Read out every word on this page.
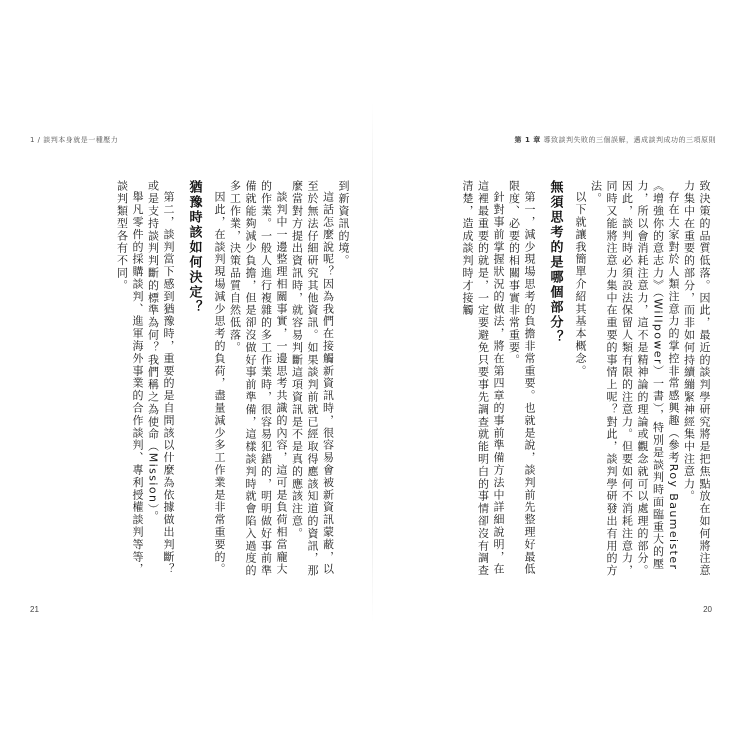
1 / 談判本身就是一種壓力

到新資訊的境。

這話怎麼說呢？因為我們在接觸新資訊時，很容易會被新資訊蒙蔽，以至於無法仔細研究其他資訊。如果談判前就已經取得應該知道的資訊，那麼當對方提出資訊時，就容易判斷這項資訊是不是真的應該注意。

談判中一邊整理相關事實，一邊思考共識的內容，這可是負荷相當龐大的作業。一般人進行複雜的多工作業時，很容易犯錯的，明明做好事前準備就能夠減少負擔，但是卻沒做好事前準備，這樣談判時就會陷入過度的多工作業，決策品質自然低落。

因此，在談判現場減少思考的負荷，盡量減少多工作業是非常重要的。

猶豫時該如何決定？

第二，談判當下感到猶豫時，重要的是自問該以什麼為依據做出判斷？或是支持談判判斷的標準為何？我們稱之為使命（Mission）。

舉凡零件的採購談判、進軍海外事業的合作談判、專利授權談判等等，談判類型各有不同。

21
第 1 章 導致談判失敗的三個誤解，邁成談判成功的三項原則

致決策的品質低落。因此，最近的談判學研究將是把焦點放在如何將注意力集中在重要的部分，而非如何持續繃緊神經集中注意力。

存在大家對於人類注意力的掌控非常感興趣（參考Roy Baumeister《增強你的意志力》（Willpower）一書），特別是談判時面臨重大的壓力，所以會消耗注意力，這不是精神論的理論或觀念就可以處理的部分。因此，談判時必須設法保留人類有限的注意力。但要如何不消耗注意力，同時又能將注意力集中在重要的事情上呢？對此，談判學研發出有用的方法。

以下就讓我簡單介紹其基本概念。

無須思考的是哪個部分？

第一，減少現場思考的負擔非常重要。也就是說，談判前先整理好最低限度、必要的相關事實非常重要。

針對事前掌握狀況的做法，將在第四章的事前準備方法中詳細說明，在這裡最重要的就是，一定要避免只要事先調查就能明白的事情卻沒有調查清楚，造成談判時才接觸

20
